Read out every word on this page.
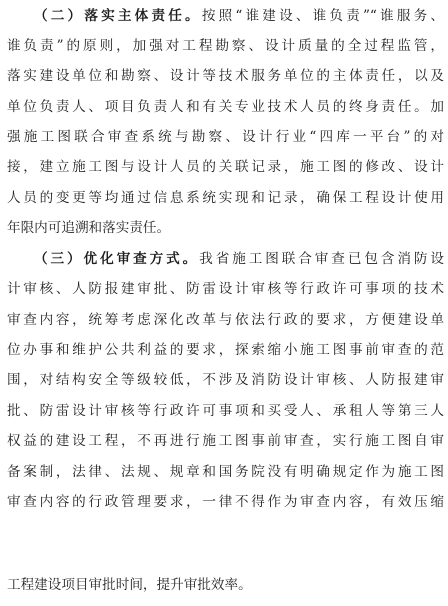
（二）落实主体责任。按照“谁建设、谁负责”“谁服务、
谁负责”的原则，加强对工程勘察、设计质量的全过程监管，
落实建设单位和勘察、设计等技术服务单位的主体责任，以及
单位负责人、项目负责人和有关专业技术人员的终身责任。加
强施工图联合审查系统与勘察、设计行业“四库一平台”的对
接，建立施工图与设计人员的关联记录，施工图的修改、设计
人员的变更等均通过信息系统实现和记录，确保工程设计使用
年限内可追溯和落实责任。
（三）优化审查方式。我省施工图联合审查已包含消防设
计审核、人防报建审批、防雷设计审核等行政许可事项的技术
审查内容，统筹考虑深化改革与依法行政的要求，方便建设单
位办事和维护公共利益的要求，探索缩小施工图事前审查的范
围，对结构安全等级较低，不涉及消防设计审核、人防报建审
批、防雷设计审核等行政许可事项和买受人、承租人等第三人
权益的建设工程，不再进行施工图事前审查，实行施工图自审
备案制，法律、法规、规章和国务院没有明确规定作为施工图
审查内容的行政管理要求，一律不得作为审查内容，有效压缩
工程建设项目审批时间，提升审批效率。
